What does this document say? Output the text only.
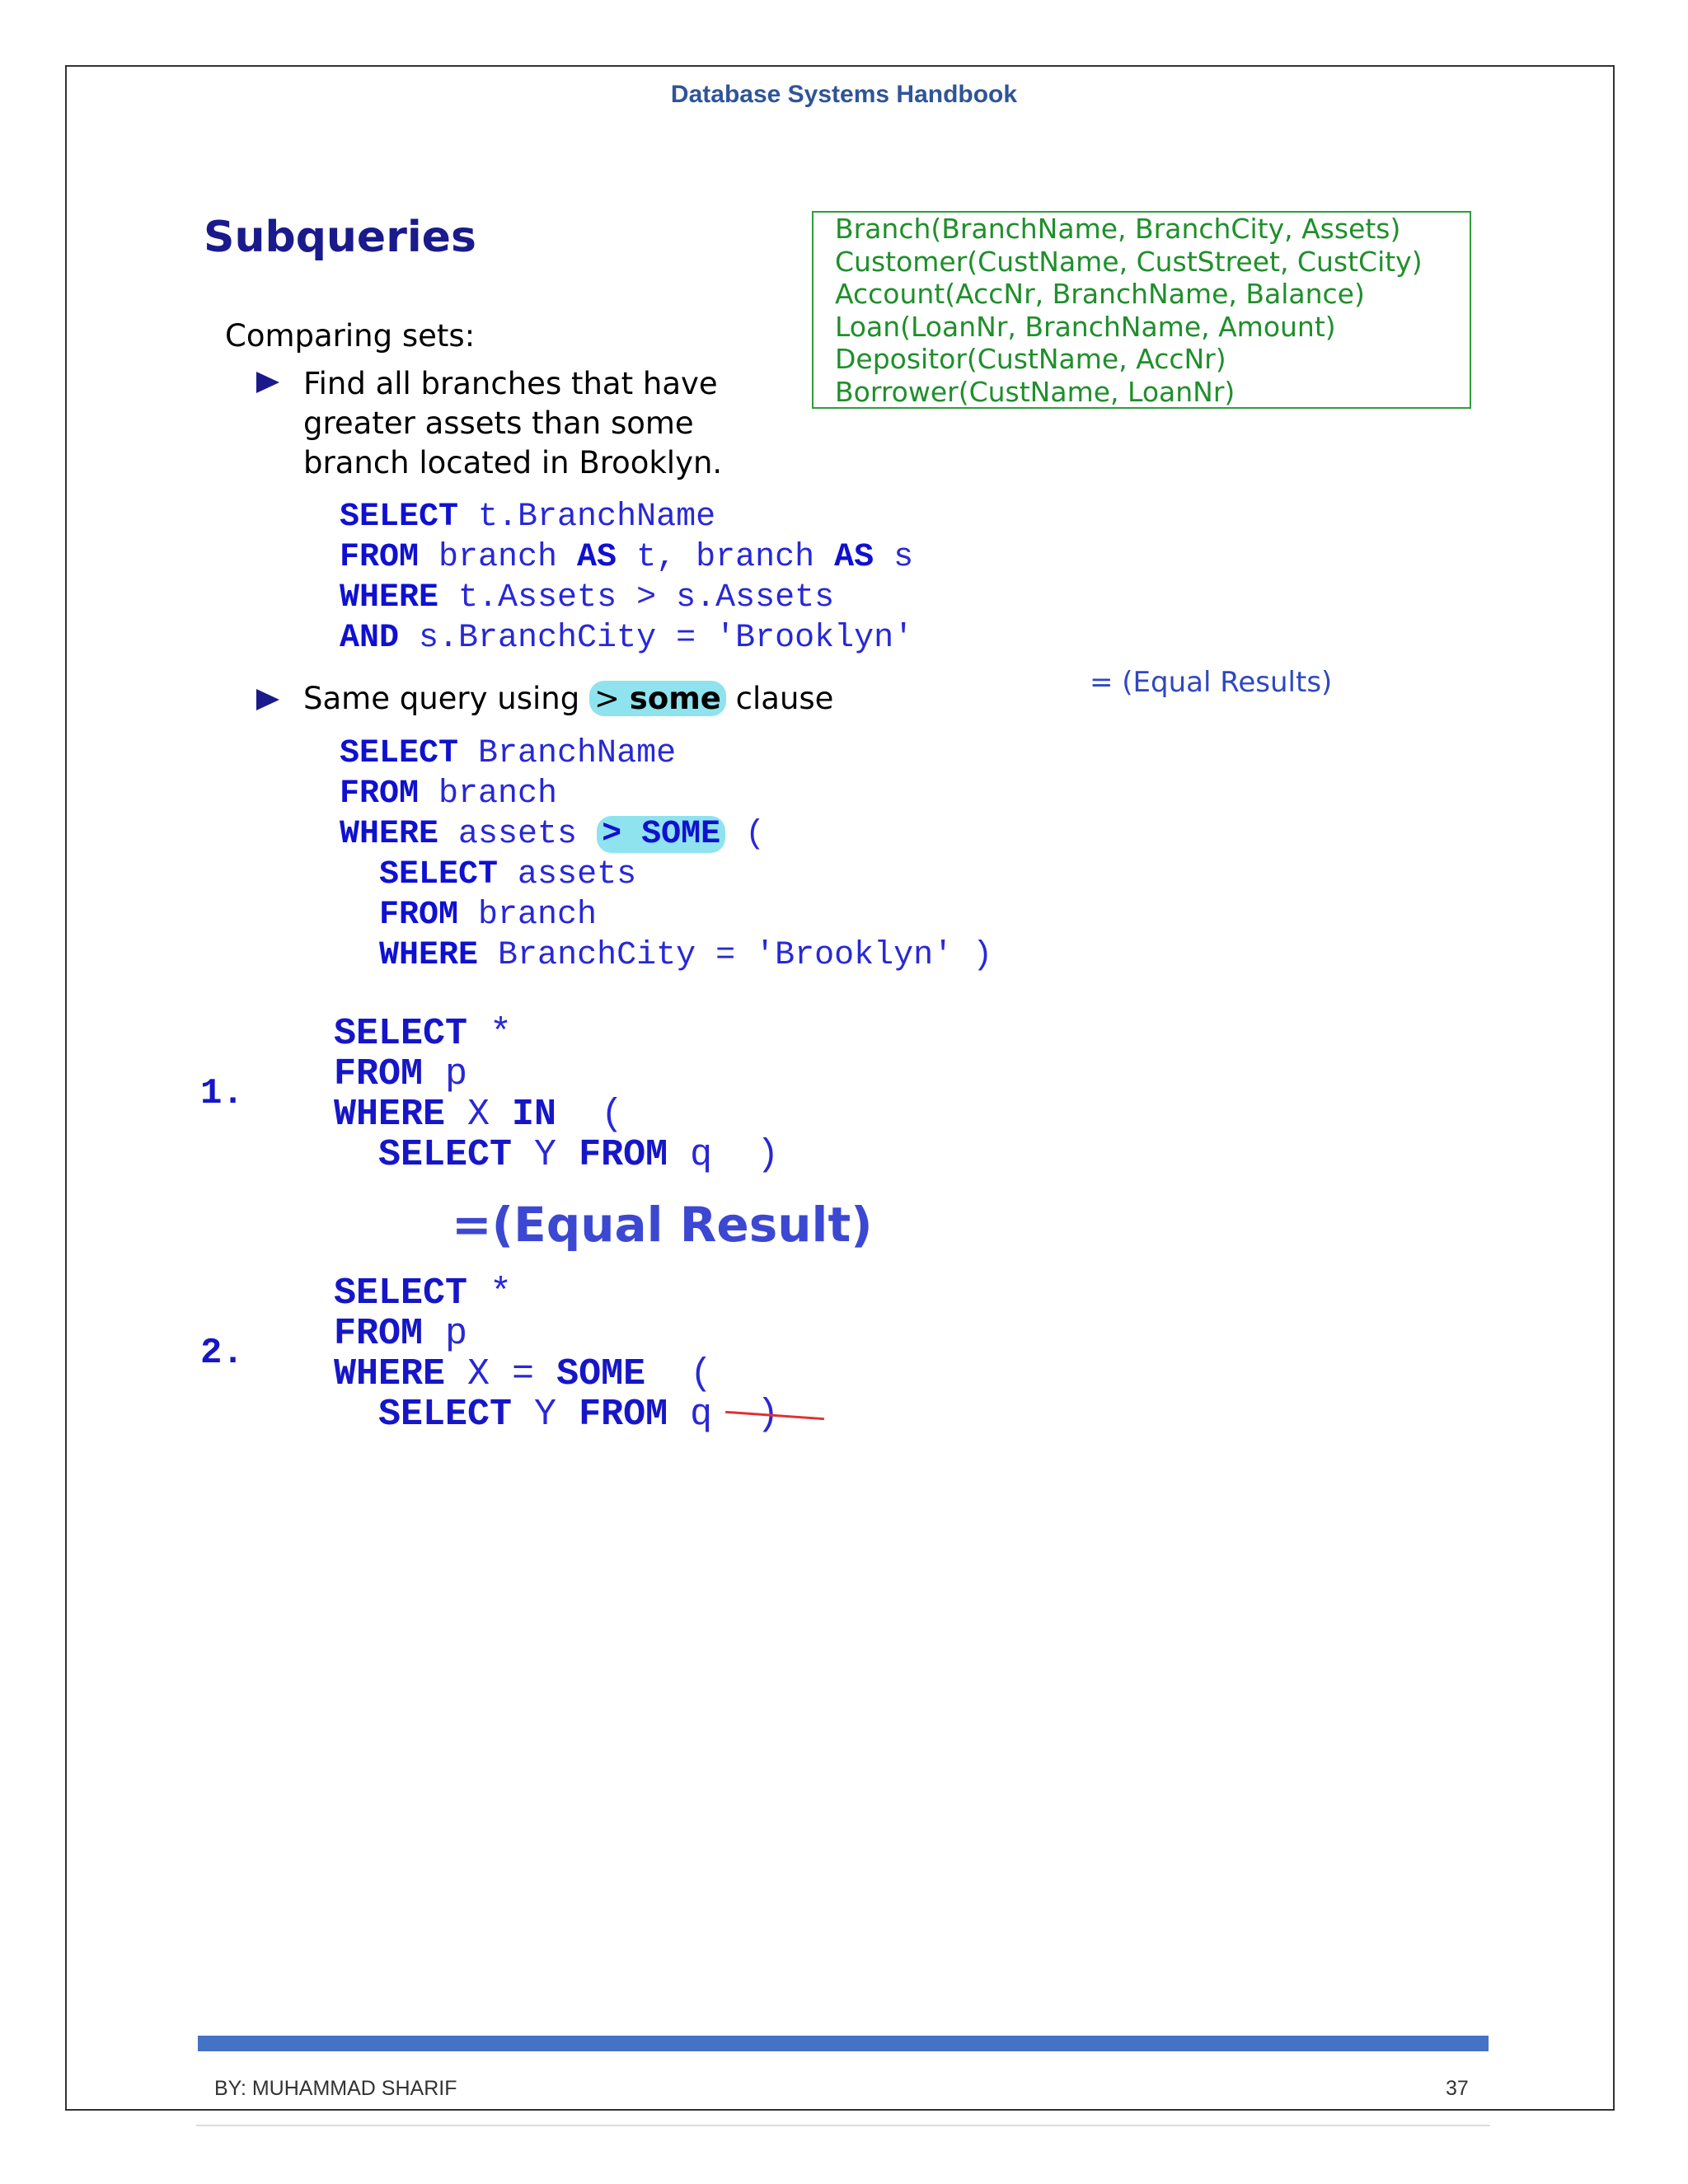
Database Systems Handbook
Subqueries	Branch(BranchName, BranchCity, Assets)
Customer(CustName, CustStreet, CustCity)
Account(AccNr, BranchName, Balance)
Loan(LoanNr, BranchName, Amount)
Depositor(CustName, AccNr)
Borrower(CustName, LoanNr)
Comparing sets:
Find all branches that have
greater assets than some
branch located in Brooklyn.
SELECT t.BranchName
FROM branch AS t, branch AS s
WHERE t.Assets > s.Assets
AND s.BranchCity = 'Brooklyn'
Same query using > some clause	= (Equal Results)
SELECT BranchName
FROM branch
WHERE assets > SOME (
SELECT assets
FROM branch
WHERE BranchCity = 'Brooklyn' )
1.
SELECT *
FROM p
WHERE X IN  (
SELECT Y FROM q  )
=(Equal Result)
2.
SELECT *
FROM p
WHERE X = SOME  (
SELECT Y FROM q  )
BY: MUHAMMAD SHARIF	37
